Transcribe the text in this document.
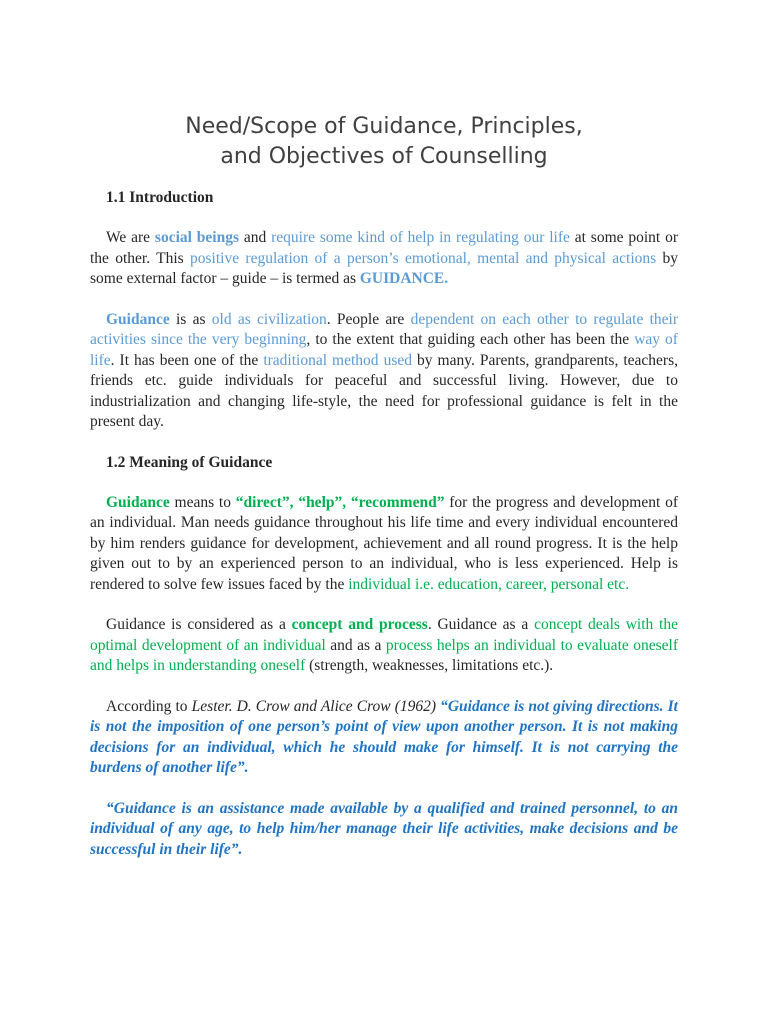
Need/Scope of Guidance, Principles,
and Objectives of Counselling
1.1 Introduction

We are social beings and require some kind of help in regulating our life at some point or the other. This positive regulation of a person’s emotional, mental and physical actions by some external factor – guide – is termed as GUIDANCE.

Guidance is as old as civilization. People are dependent on each other to regulate their activities since the very beginning, to the extent that guiding each other has been the way of life. It has been one of the traditional method used by many. Parents, grandparents, teachers, friends etc. guide individuals for peaceful and successful living. However, due to industrialization and changing life-style, the need for professional guidance is felt in the present day.

1.2 Meaning of Guidance

Guidance means to “direct”, “help”, “recommend” for the progress and development of an individual. Man needs guidance throughout his life time and every individual encountered by him renders guidance for development, achievement and all round progress. It is the help given out to by an experienced person to an individual, who is less experienced. Help is rendered to solve few issues faced by the individual i.e. education, career, personal etc.

Guidance is considered as a concept and process. Guidance as a concept deals with the optimal development of an individual and as a process helps an individual to evaluate oneself and helps in understanding oneself (strength, weaknesses, limitations etc.).

According to Lester. D. Crow and Alice Crow (1962) “Guidance is not giving directions. It is not the imposition of one person’s point of view upon another person. It is not making decisions for an individual, which he should make for himself. It is not carrying the burdens of another life”.

“Guidance is an assistance made available by a qualified and trained personnel, to an individual of any age, to help him/her manage their life activities, make decisions and be successful in their life”.
